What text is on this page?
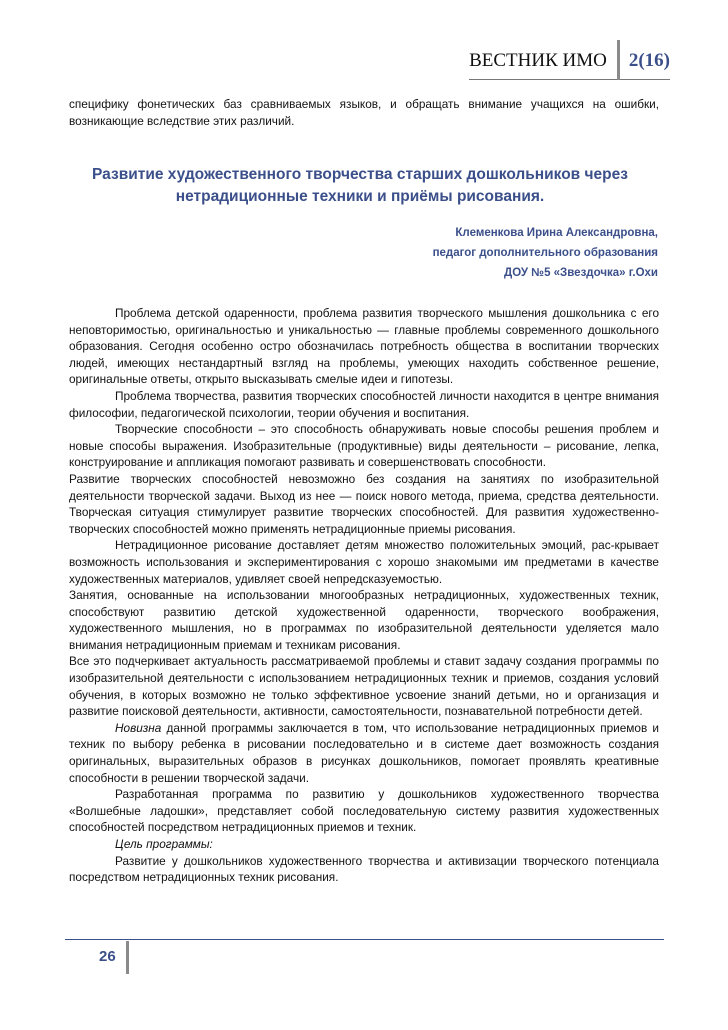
ВЕСТНИК ИМО	2(16)

специфику фонетических баз сравниваемых языков, и обращать внимание учащихся на ошибки, возникающие вследствие этих различий.

Развитие художественного творчества старших дошкольников через нетрадиционные техники и приёмы рисования.
Клеменкова Ирина Александровна,
педагог дополнительного образования
ДОУ №5 «Звездочка» г.Охи

Проблема детской одаренности, проблема развития творческого мышления дошкольника с его неповторимостью, оригинальностью и уникальностью — главные проблемы современного дошкольного образования. Сегодня особенно остро обозначилась потребность общества в воспитании творческих людей, имеющих нестандартный взгляд на проблемы, умеющих находить собственное решение, оригинальные ответы, открыто высказывать смелые идеи и гипотезы.

Проблема творчества, развития творческих способностей личности находится в центре внимания философии, педагогической психологии, теории обучения и воспитания.

Творческие способности – это способность обнаруживать новые способы решения проблем и новые способы выражения. Изобразительные (продуктивные) виды деятельности – рисование, лепка, конструирование и аппликация помогают развивать и совершенствовать способности.

Развитие творческих способностей невозможно без создания на занятиях по изобразительной деятельности творческой задачи. Выход из нее — поиск нового метода, приема, средства деятельности. Творческая ситуация стимулирует развитие творческих способностей. Для развития художественно-творческих способностей можно применять нетрадиционные приемы рисования.

Нетрадиционное рисование доставляет детям множество положительных эмоций, рас-крывает возможность использования и экспериментирования с хорошо знакомыми им предметами в качестве художественных материалов, удивляет своей непредсказуемостью.

Занятия, основанные на использовании многообразных нетрадиционных, художественных техник, способствуют развитию детской художественной одаренности, творческого воображения, художественного мышления, но в программах по изобразительной деятельности уделяется мало внимания нетрадиционным приемам и техникам рисования.

Все это подчеркивает актуальность рассматриваемой проблемы и ставит задачу создания программы по изобразительной деятельности с использованием нетрадиционных техник и приемов, создания условий обучения, в которых возможно не только эффективное усвоение знаний детьми, но и организация и развитие поисковой деятельности, активности, самостоятельности, познавательной потребности детей.

Новизна данной программы заключается в том, что использование нетрадиционных приемов и техник по выбору ребенка в рисовании последовательно и в системе дает возможность создания оригинальных, выразительных образов в рисунках дошкольников, помогает проявлять креативные способности в решении творческой задачи.

Разработанная программа по развитию у дошкольников художественного творчества «Волшебные ладошки», представляет собой последовательную систему развития художественных способностей посредством нетрадиционных приемов и техник.

Цель программы:

Развитие у дошкольников художественного творчества и активизации творческого потенциала посредством нетрадиционных техник рисования.

26
